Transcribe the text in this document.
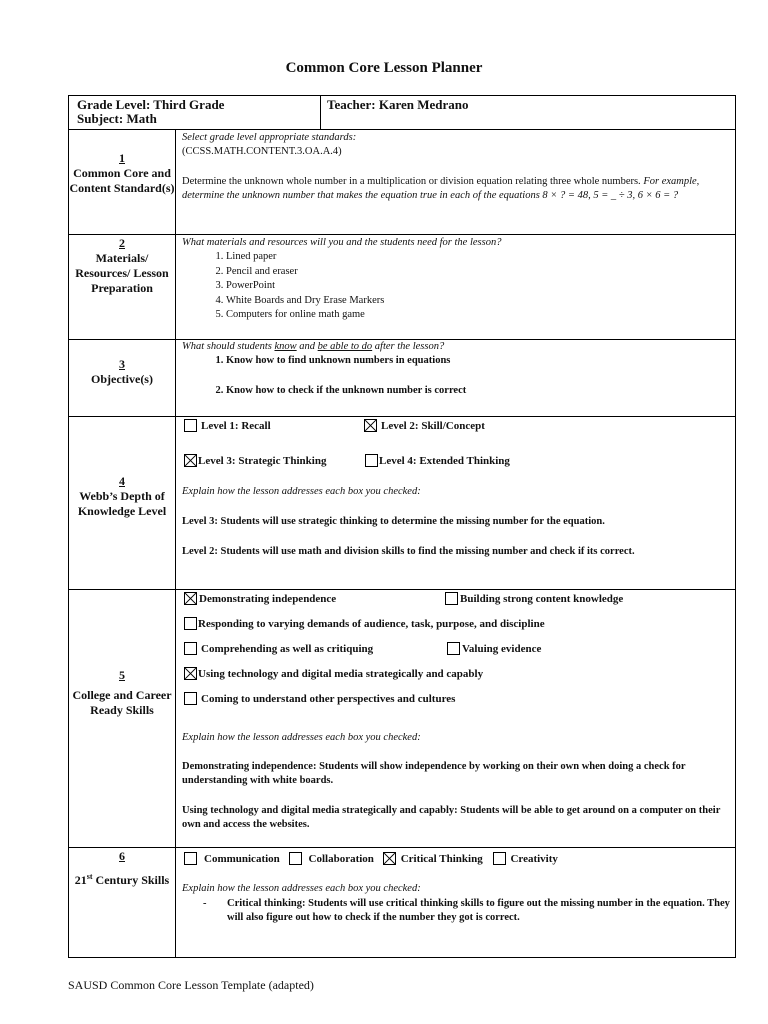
Common Core Lesson Planner
Grade Level: Third Grade
Subject: Math
Teacher: Karen Medrano
1
Common Core and Content Standard(s)
Select grade level appropriate standards:
(CCSS.MATH.CONTENT.3.OA.A.4)
Determine the unknown whole number in a multiplication or division equation relating three whole numbers. For example, determine the unknown number that makes the equation true in each of the equations 8 × ? = 48, 5 = _ ÷ 3, 6 × 6 = ?
2
Materials/ Resources/ Lesson Preparation
What materials and resources will you and the students need for the lesson?
1. Lined paper
2. Pencil and eraser
3. PowerPoint
4. White Boards and Dry Erase Markers
5. Computers for online math game
3
Objective(s)
What should students know and be able to do after the lesson?
1. Know how to find unknown numbers in equations
2. Know how to check if the unknown number is correct
4
Webb’s Depth of Knowledge Level
Level 1: Recall	Level 2: Skill/Concept
Level 3: Strategic Thinking	Level 4: Extended Thinking
Explain how the lesson addresses each box you checked:
Level 3: Students will use strategic thinking to determine the missing number for the equation.
Level 2: Students will use math and division skills to find the missing number and check if its correct.
5
College and Career Ready Skills
Demonstrating independence	Building strong content knowledge
Responding to varying demands of audience, task, purpose, and discipline
Comprehending as well as critiquing	Valuing evidence
Using technology and digital media strategically and capably
Coming to understand other perspectives and cultures
Explain how the lesson addresses each box you checked:
Demonstrating independence: Students will show independence by working on their own when doing a check for understanding with white boards.
Using technology and digital media strategically and capably: Students will be able to get around on a computer on their own and access the websites.
6
21st Century Skills
Communication	Collaboration Critical Thinking	Creativity
Explain how the lesson addresses each box you checked:
- Critical thinking: Students will use critical thinking skills to figure out the missing number in the equation. They will also figure out how to check if the number they got is correct.
SAUSD Common Core Lesson Template (adapted)
